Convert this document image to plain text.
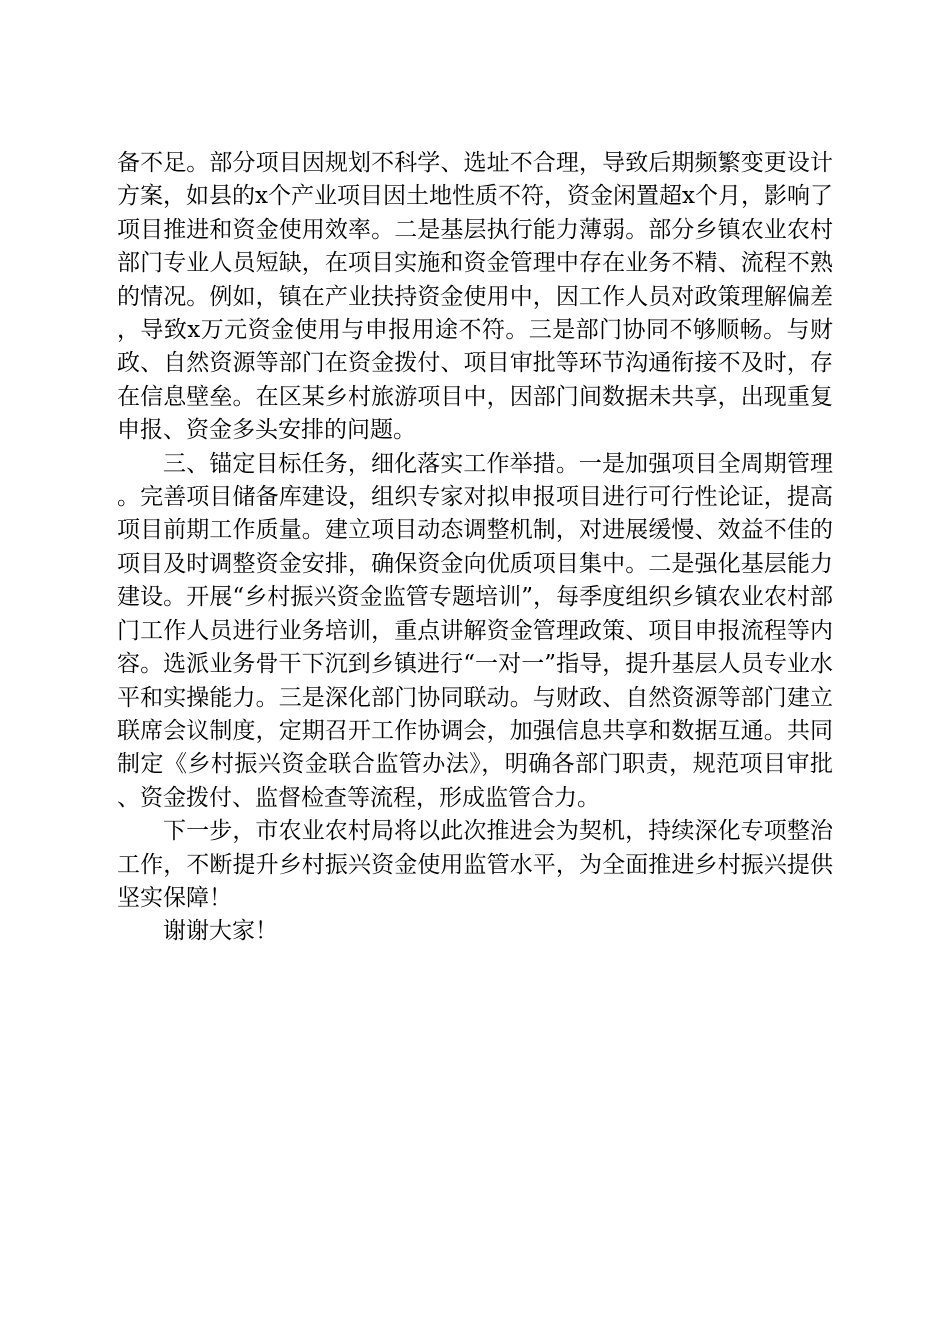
备不足。部分项目因规划不科学、选址不合理，导致后期频繁变更设计方案，如县的x个产业项目因土地性质不符，资金闲置超x个月，影响了项目推进和资金使用效率。二是基层执行能力薄弱。部分乡镇农业农村部门专业人员短缺，在项目实施和资金管理中存在业务不精、流程不熟的情况。例如，镇在产业扶持资金使用中，因工作人员对政策理解偏差，导致x万元资金使用与申报用途不符。三是部门协同不够顺畅。与财政、自然资源等部门在资金拨付、项目审批等环节沟通衔接不及时，存在信息壁垒。在区某乡村旅游项目中，因部门间数据未共享，出现重复申报、资金多头安排的问题。

三、锚定目标任务，细化落实工作举措。一是加强项目全周期管理。完善项目储备库建设，组织专家对拟申报项目进行可行性论证，提高项目前期工作质量。建立项目动态调整机制，对进展缓慢、效益不佳的项目及时调整资金安排，确保资金向优质项目集中。二是强化基层能力建设。开展“乡村振兴资金监管专题培训”，每季度组织乡镇农业农村部门工作人员进行业务培训，重点讲解资金管理政策、项目申报流程等内容。选派业务骨干下沉到乡镇进行“一对一”指导，提升基层人员专业水平和实操能力。三是深化部门协同联动。与财政、自然资源等部门建立联席会议制度，定期召开工作协调会，加强信息共享和数据互通。共同制定《乡村振兴资金联合监管办法》，明确各部门职责，规范项目审批、资金拨付、监督检查等流程，形成监管合力。

下一步，市农业农村局将以此次推进会为契机，持续深化专项整治工作，不断提升乡村振兴资金使用监管水平，为全面推进乡村振兴提供坚实保障！

谢谢大家！
